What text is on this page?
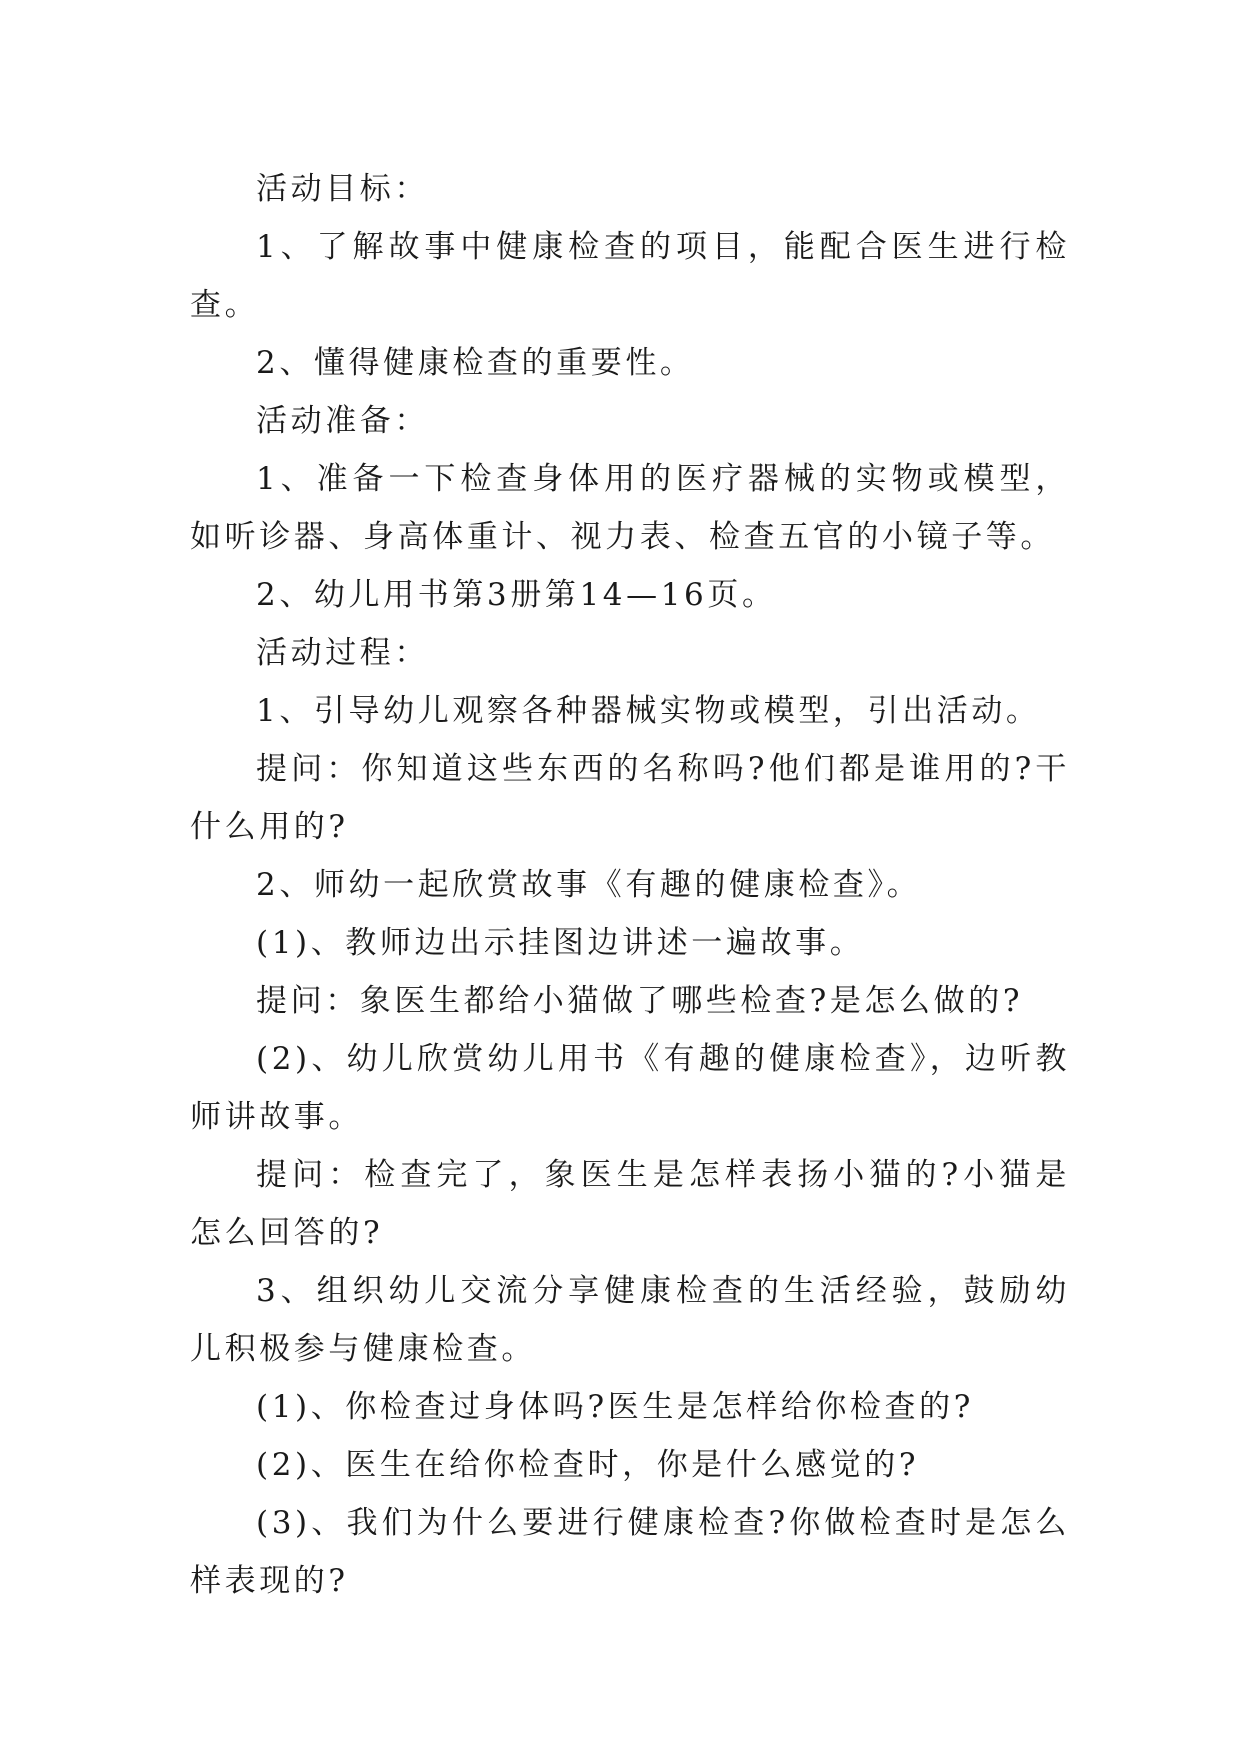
活动目标：

1、了解故事中健康检查的项目，能配合医生进行检查。

2、懂得健康检查的重要性。

活动准备：

1、准备一下检查身体用的医疗器械的实物或模型，如听诊器、身高体重计、视力表、检查五官的小镜子等。

2、幼儿用书第3册第14—16页。

活动过程：

1、引导幼儿观察各种器械实物或模型，引出活动。

提问：你知道这些东西的名称吗?他们都是谁用的?干什么用的?

2、师幼一起欣赏故事《有趣的健康检查》。

(1)、教师边出示挂图边讲述一遍故事。

提问：象医生都给小猫做了哪些检查?是怎么做的?

(2)、幼儿欣赏幼儿用书《有趣的健康检查》，边听教师讲故事。

提问：检查完了，象医生是怎样表扬小猫的?小猫是怎么回答的?

3、组织幼儿交流分享健康检查的生活经验，鼓励幼儿积极参与健康检查。

(1)、你检查过身体吗?医生是怎样给你检查的?

(2)、医生在给你检查时，你是什么感觉的?

(3)、我们为什么要进行健康检查?你做检查时是怎么样表现的?
